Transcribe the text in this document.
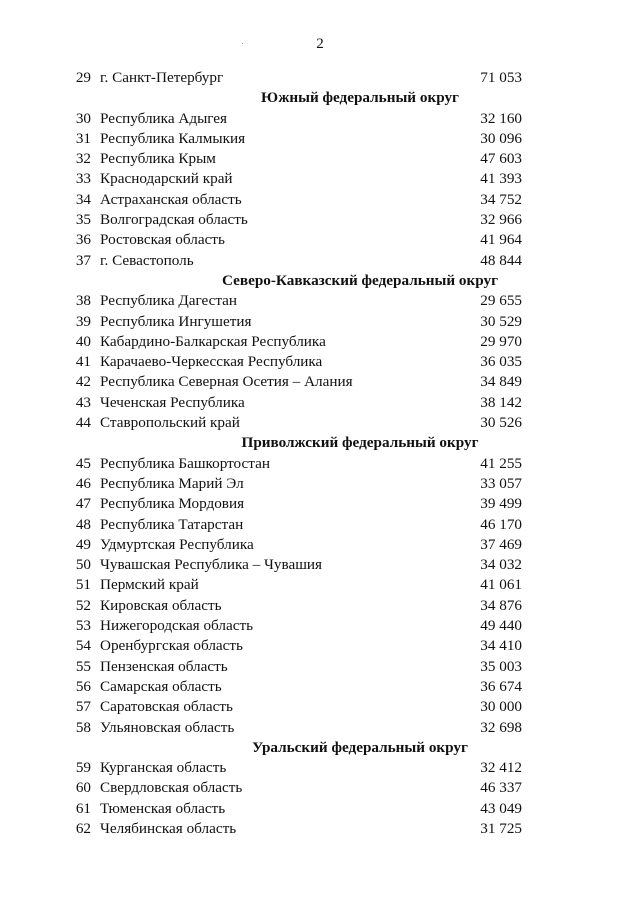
2
29 г. Санкт-Петербург	71 053
Южный федеральный округ
30 Республика Адыгея	32 160
31 Республика Калмыкия	30 096
32 Республика Крым	47 603
33 Краснодарский край	41 393
34 Астраханская область	34 752
35 Волгоградская область	32 966
36 Ростовская область	41 964
37 г. Севастополь	48 844
Северо-Кавказский федеральный округ
38 Республика Дагестан	29 655
39 Республика Ингушетия	30 529
40 Кабардино-Балкарская Республика	29 970
41 Карачаево-Черкесская Республика	36 035
42 Республика Северная Осетия – Алания	34 849
43 Чеченская Республика	38 142
44 Ставропольский край	30 526
Приволжский федеральный округ
45 Республика Башкортостан	41 255
46 Республика Марий Эл	33 057
47 Республика Мордовия	39 499
48 Республика Татарстан	46 170
49 Удмуртская Республика	37 469
50 Чувашская Республика – Чувашия	34 032
51 Пермский край	41 061
52 Кировская область	34 876
53 Нижегородская область	49 440
54 Оренбургская область	34 410
55 Пензенская область	35 003
56 Самарская область	36 674
57 Саратовская область	30 000
58 Ульяновская область	32 698
Уральский федеральный округ
59 Курганская область	32 412
60 Свердловская область	46 337
61 Тюменская область	43 049
62 Челябинская область	31 725
